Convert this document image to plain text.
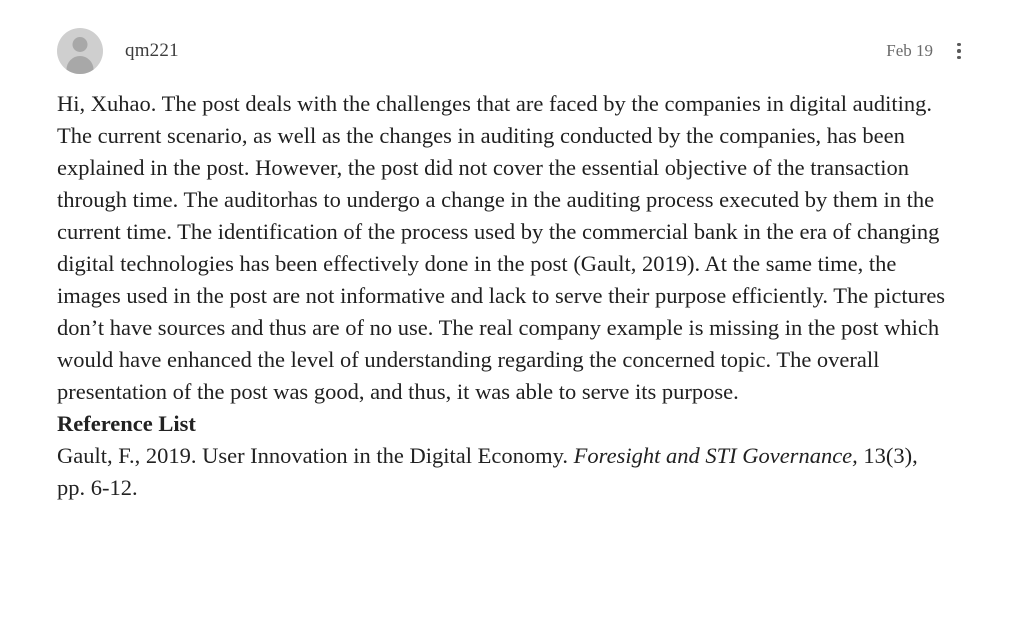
qm221	Feb 19

Hi, Xuhao. The post deals with the challenges that are faced by the companies in digital auditing. The current scenario, as well as the changes in auditing conducted by the companies, has been explained in the post. However, the post did not cover the essential objective of the transaction through time. The auditorhas to undergo a change in the auditing process executed by them in the current time. The identification of the process used by the commercial bank in the era of changing digital technologies has been effectively done in the post (Gault, 2019). At the same time, the images used in the post are not informative and lack to serve their purpose efficiently. The pictures don’t have sources and thus are of no use. The real company example is missing in the post which would have enhanced the level of understanding regarding the concerned topic. The overall presentation of the post was good, and thus, it was able to serve its purpose.

Reference List
Gault, F., 2019. User Innovation in the Digital Economy. Foresight and STI Governance, 13(3), pp. 6-12.
